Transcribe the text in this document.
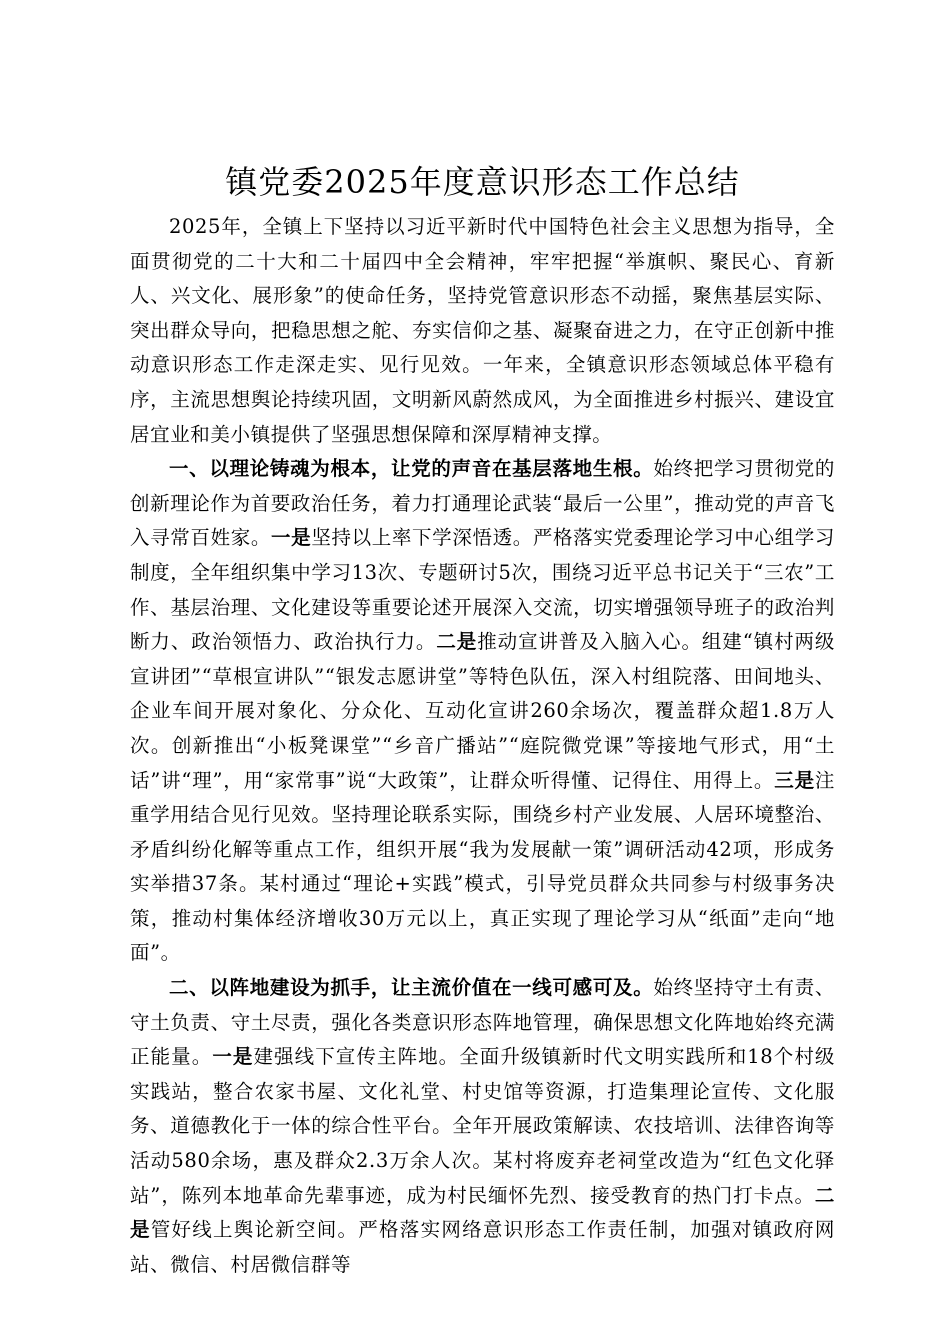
镇党委2025年度意识形态工作总结

2025年，全镇上下坚持以习近平新时代中国特色社会主义思想为指导，全面贯彻党的二十大和二十届四中全会精神，牢牢把握“举旗帜、聚民心、育新人、兴文化、展形象”的使命任务，坚持党管意识形态不动摇，聚焦基层实际、突出群众导向，把稳思想之舵、夯实信仰之基、凝聚奋进之力，在守正创新中推动意识形态工作走深走实、见行见效。一年来，全镇意识形态领域总体平稳有序，主流思想舆论持续巩固，文明新风蔚然成风，为全面推进乡村振兴、建设宜居宜业和美小镇提供了坚强思想保障和深厚精神支撑。

一、以理论铸魂为根本，让党的声音在基层落地生根。始终把学习贯彻党的创新理论作为首要政治任务，着力打通理论武装“最后一公里”，推动党的声音飞入寻常百姓家。一是坚持以上率下学深悟透。严格落实党委理论学习中心组学习制度，全年组织集中学习13次、专题研讨5次，围绕习近平总书记关于“三农”工作、基层治理、文化建设等重要论述开展深入交流，切实增强领导班子的政治判断力、政治领悟力、政治执行力。二是推动宣讲普及入脑入心。组建“镇村两级宣讲团”“草根宣讲队”“银发志愿讲堂”等特色队伍，深入村组院落、田间地头、企业车间开展对象化、分众化、互动化宣讲260余场次，覆盖群众超1.8万人次。创新推出“小板凳课堂”“乡音广播站”“庭院微党课”等接地气形式，用“土话”讲“理”，用“家常事”说“大政策”，让群众听得懂、记得住、用得上。三是注重学用结合见行见效。坚持理论联系实际，围绕乡村产业发展、人居环境整治、矛盾纠纷化解等重点工作，组织开展“我为发展献一策”调研活动42项，形成务实举措37条。某村通过“理论+实践”模式，引导党员群众共同参与村级事务决策，推动村集体经济增收30万元以上，真正实现了理论学习从“纸面”走向“地面”。

二、以阵地建设为抓手，让主流价值在一线可感可及。始终坚持守土有责、守土负责、守土尽责，强化各类意识形态阵地管理，确保思想文化阵地始终充满正能量。一是建强线下宣传主阵地。全面升级镇新时代文明实践所和18个村级实践站，整合农家书屋、文化礼堂、村史馆等资源，打造集理论宣传、文化服务、道德教化于一体的综合性平台。全年开展政策解读、农技培训、法律咨询等活动580余场，惠及群众2.3万余人次。某村将废弃老祠堂改造为“红色文化驿站”，陈列本地革命先辈事迹，成为村民缅怀先烈、接受教育的热门打卡点。二是管好线上舆论新空间。严格落实网络意识形态工作责任制，加强对镇政府网站、微信、村居微信群等
